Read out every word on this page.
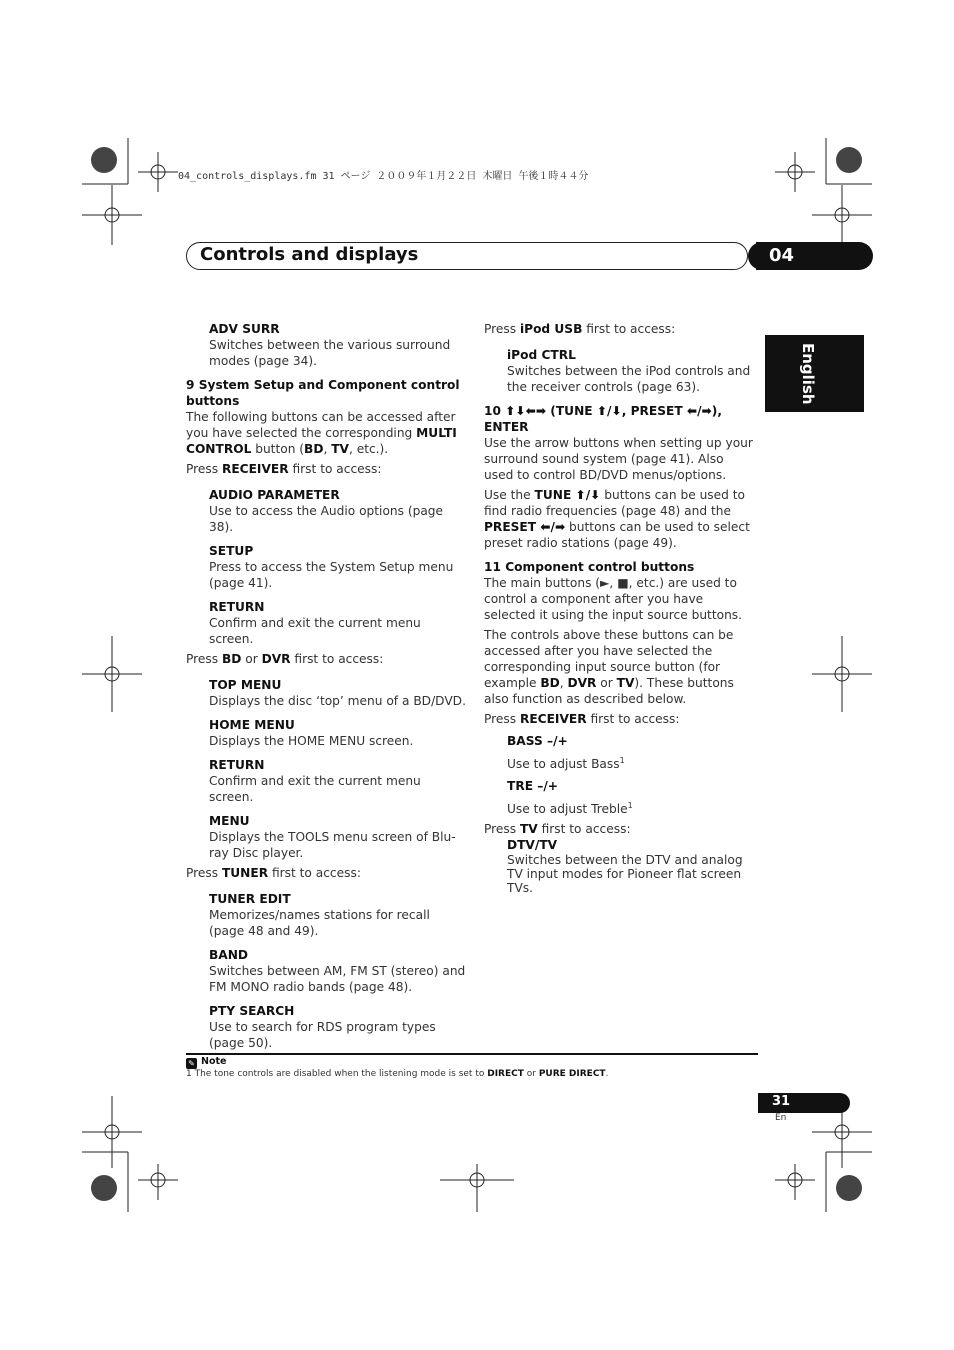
04_controls_displays.fm 31 ページ ２００９年１月２２日 木曜日 午後１時４４分
Controls and displays	04
English

ADV SURR

Switches between the various surround modes (page 34).

9 System Setup and Component control buttons

The following buttons can be accessed after you have selected the corresponding MULTI CONTROL button (BD, TV, etc.).

Press RECEIVER first to access:

AUDIO PARAMETER

Use to access the Audio options (page 38).

SETUP

Press to access the System Setup menu (page 41).

RETURN

Confirm and exit the current menu screen.

Press BD or DVR first to access:

TOP MENU

Displays the disc ‘top’ menu of a BD/DVD.

HOME MENU

Displays the HOME MENU screen.

RETURN

Confirm and exit the current menu screen.

MENU

Displays the TOOLS menu screen of Blu-ray Disc player.

Press TUNER first to access:

TUNER EDIT

Memorizes/names stations for recall (page 48 and 49).

BAND

Switches between AM, FM ST (stereo) and FM MONO radio bands (page 48).

PTY SEARCH

Use to search for RDS program types (page 50).

Press iPod USB first to access:

iPod CTRL

Switches between the iPod controls and the receiver controls (page 63).

10 ⬆⬇⬅➡ (TUNE ⬆/⬇, PRESET ⬅/➡), ENTER

Use the arrow buttons when setting up your surround sound system (page 41). Also used to control BD/DVD menus/options.

Use the TUNE ⬆/⬇ buttons can be used to find radio frequencies (page 48) and the PRESET ⬅/➡ buttons can be used to select preset radio stations (page 49).

11 Component control buttons

The main buttons (►, ■, etc.) are used to control a component after you have selected it using the input source buttons.

The controls above these buttons can be accessed after you have selected the corresponding input source button (for example BD, DVR or TV). These buttons also function as described below.

Press RECEIVER first to access:

BASS –/+

Use to adjust Bass$^1$

TRE –/+

Use to adjust Treble$^1$

Press TV first to access:

DTV/TV

Switches between the DTV and analog TV input modes for Pioneer flat screen TVs.

✎ Note
1 The tone controls are disabled when the listening mode is set to DIRECT or PURE DIRECT.
31
En
